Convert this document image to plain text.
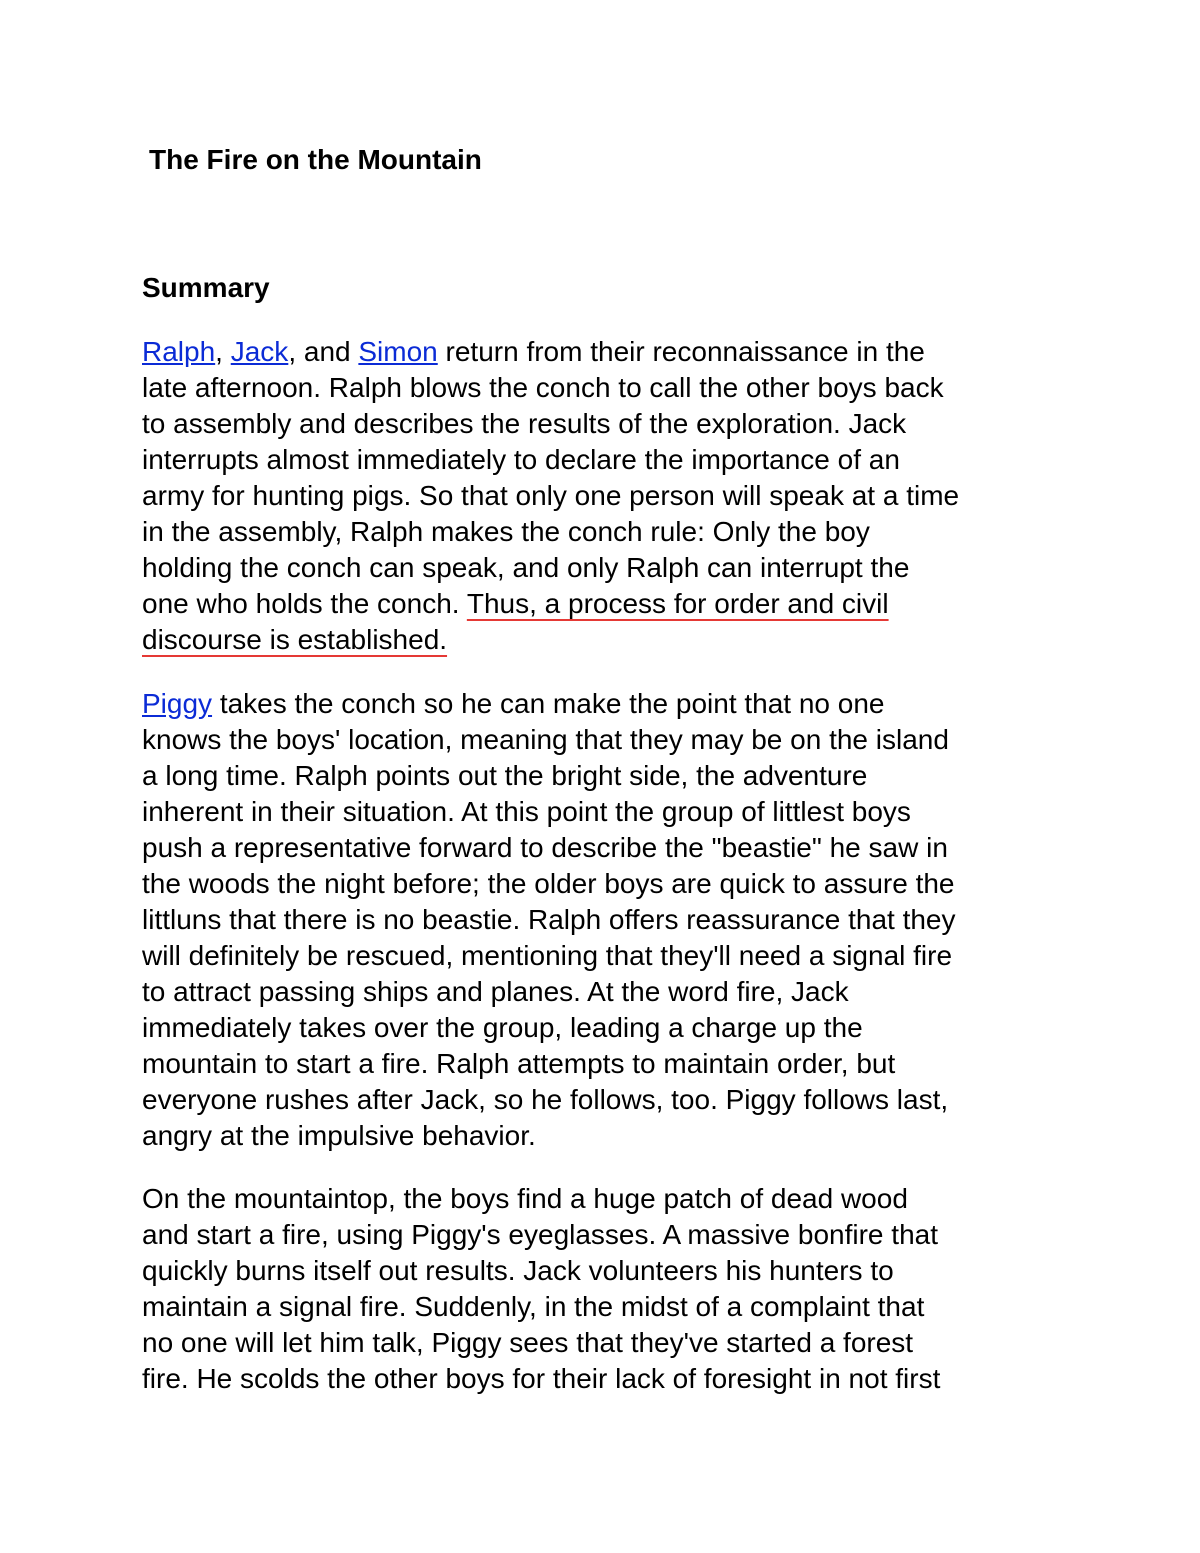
The Fire on the Mountain
Summary

Ralph, Jack, and Simon return from their reconnaissance in the
late afternoon. Ralph blows the conch to call the other boys back
to assembly and describes the results of the exploration. Jack
interrupts almost immediately to declare the importance of an
army for hunting pigs. So that only one person will speak at a time
in the assembly, Ralph makes the conch rule: Only the boy
holding the conch can speak, and only Ralph can interrupt the
one who holds the conch. Thus, a process for order and civil
discourse is established.

Piggy takes the conch so he can make the point that no one
knows the boys' location, meaning that they may be on the island
a long time. Ralph points out the bright side, the adventure
inherent in their situation. At this point the group of littlest boys
push a representative forward to describe the "beastie" he saw in
the woods the night before; the older boys are quick to assure the
littluns that there is no beastie. Ralph offers reassurance that they
will definitely be rescued, mentioning that they'll need a signal fire
to attract passing ships and planes. At the word fire, Jack
immediately takes over the group, leading a charge up the
mountain to start a fire. Ralph attempts to maintain order, but
everyone rushes after Jack, so he follows, too. Piggy follows last,
angry at the impulsive behavior.

On the mountaintop, the boys find a huge patch of dead wood
and start a fire, using Piggy's eyeglasses. A massive bonfire that
quickly burns itself out results. Jack volunteers his hunters to
maintain a signal fire. Suddenly, in the midst of a complaint that
no one will let him talk, Piggy sees that they've started a forest
fire. He scolds the other boys for their lack of foresight in not first
